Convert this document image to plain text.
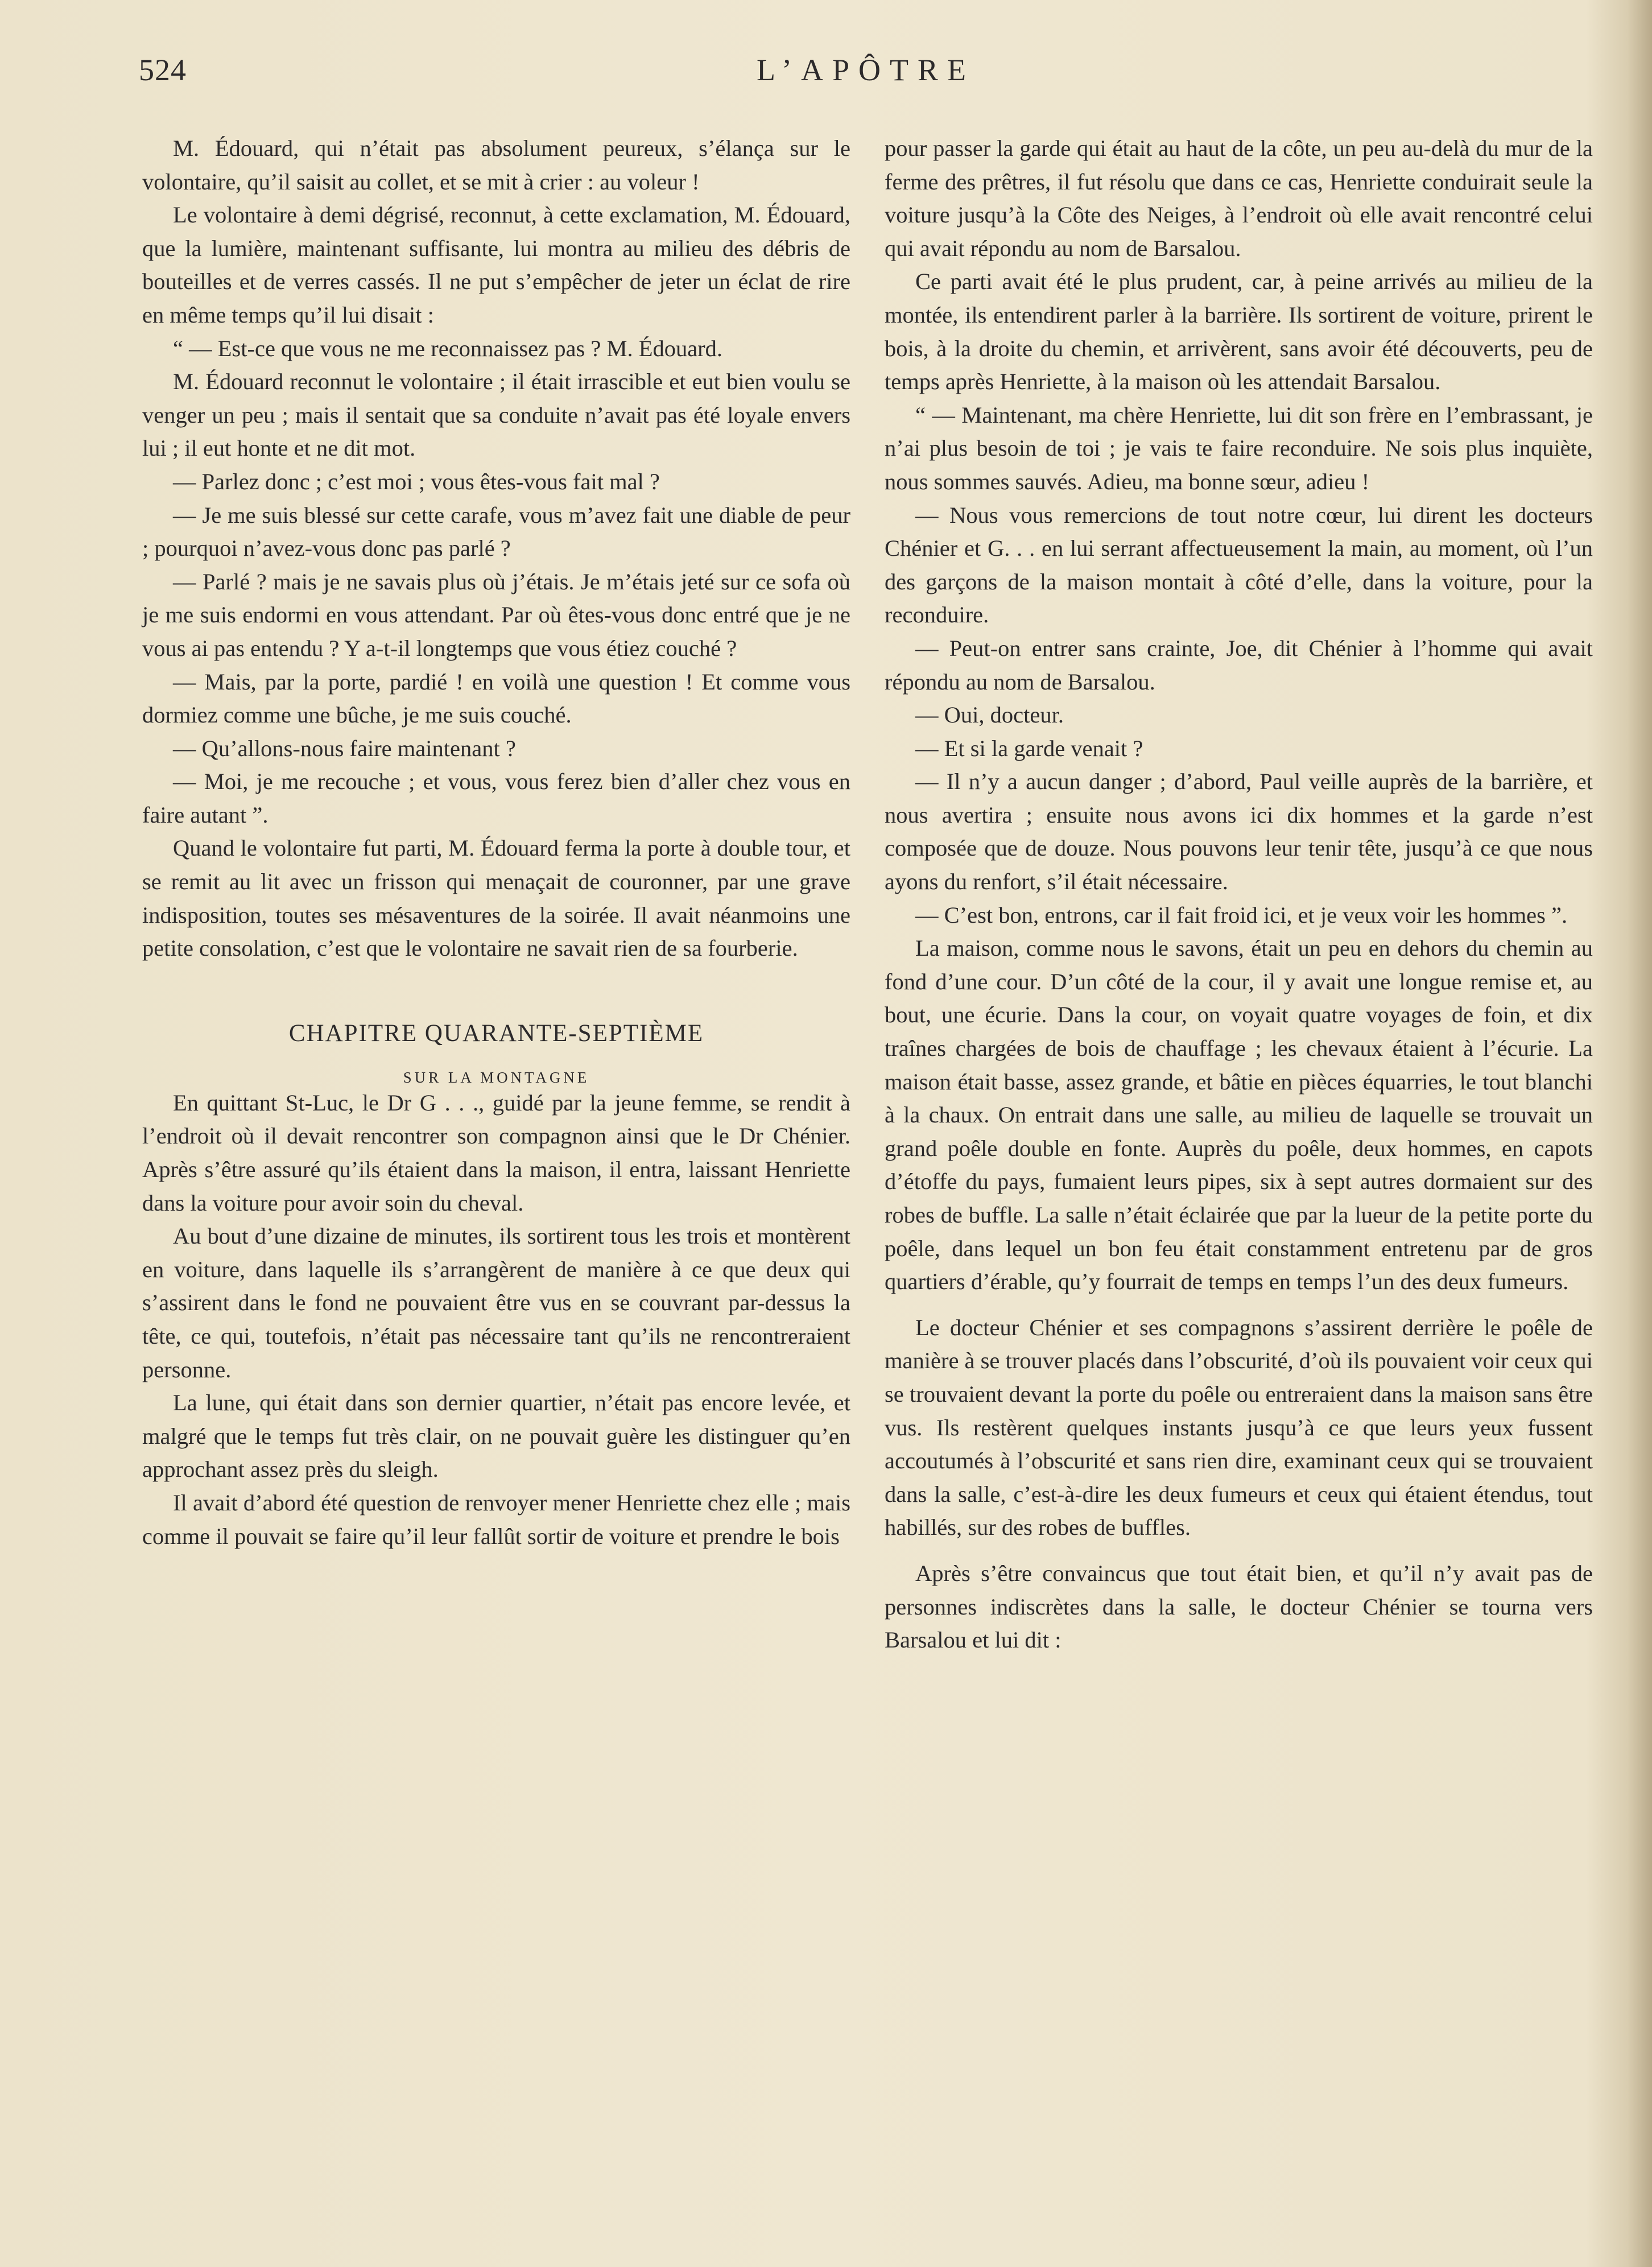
524	L’APÔTRE

M. Édouard, qui n’était pas absolument peureux, s’élança sur le volontaire, qu’il saisit au collet, et se mit à crier : au voleur !

Le volontaire à demi dégrisé, reconnut, à cette exclamation, M. Édouard, que la lumière, maintenant suffisante, lui montra au milieu des débris de bouteilles et de verres cassés. Il ne put s’empêcher de jeter un éclat de rire en même temps qu’il lui disait :

“ — Est-ce que vous ne me reconnaissez pas ? M. Édouard.

M. Édouard reconnut le volontaire ; il était irrascible et eut bien voulu se venger un peu ; mais il sentait que sa conduite n’avait pas été loyale envers lui ; il eut honte et ne dit mot.

— Parlez donc ; c’est moi ; vous êtes-vous fait mal ?

— Je me suis blessé sur cette carafe, vous m’avez fait une diable de peur ; pourquoi n’avez-vous donc pas parlé ?

— Parlé ? mais je ne savais plus où j’étais. Je m’étais jeté sur ce sofa où je me suis endormi en vous attendant. Par où êtes-vous donc entré que je ne vous ai pas entendu ? Y a-t-il longtemps que vous étiez couché ?

— Mais, par la porte, pardié ! en voilà une question ! Et comme vous dormiez comme une bûche, je me suis couché.

— Qu’allons-nous faire maintenant ?

— Moi, je me recouche ; et vous, vous ferez bien d’aller chez vous en faire autant ”.

Quand le volontaire fut parti, M. Édouard ferma la porte à double tour, et se remit au lit avec un frisson qui menaçait de couronner, par une grave indisposition, toutes ses mésaventures de la soirée. Il avait néanmoins une petite consolation, c’est que le volontaire ne savait rien de sa fourberie.

CHAPITRE QUARANTE-SEPTIÈME
SUR LA MONTAGNE

En quittant St-Luc, le Dr G . . ., guidé par la jeune femme, se rendit à l’endroit où il devait rencontrer son compagnon ainsi que le Dr Chénier. Après s’être assuré qu’ils étaient dans la maison, il entra, laissant Henriette dans la voiture pour avoir soin du cheval.

Au bout d’une dizaine de minutes, ils sortirent tous les trois et montèrent en voiture, dans laquelle ils s’arrangèrent de manière à ce que deux qui s’assirent dans le fond ne pouvaient être vus en se couvrant par-dessus la tête, ce qui, toutefois, n’était pas nécessaire tant qu’ils ne rencontreraient personne.

La lune, qui était dans son dernier quartier, n’était pas encore levée, et malgré que le temps fut très clair, on ne pouvait guère les distinguer qu’en approchant assez près du sleigh.

Il avait d’abord été question de renvoyer mener Henriette chez elle ; mais comme il pouvait se faire qu’il leur fallût sortir de voiture et prendre le bois

pour passer la garde qui était au haut de la côte, un peu au-delà du mur de la ferme des prêtres, il fut résolu que dans ce cas, Henriette conduirait seule la voiture jusqu’à la Côte des Neiges, à l’endroit où elle avait rencontré celui qui avait répondu au nom de Barsalou.

Ce parti avait été le plus prudent, car, à peine arrivés au milieu de la montée, ils entendirent parler à la barrière. Ils sortirent de voiture, prirent le bois, à la droite du chemin, et arrivèrent, sans avoir été découverts, peu de temps après Henriette, à la maison où les attendait Barsalou.

“ — Maintenant, ma chère Henriette, lui dit son frère en l’embrassant, je n’ai plus besoin de toi ; je vais te faire reconduire. Ne sois plus inquiète, nous sommes sauvés. Adieu, ma bonne sœur, adieu !

— Nous vous remercions de tout notre cœur, lui dirent les docteurs Chénier et G. . . en lui serrant affectueusement la main, au moment, où l’un des garçons de la maison montait à côté d’elle, dans la voiture, pour la reconduire.

— Peut-on entrer sans crainte, Joe, dit Chénier à l’homme qui avait répondu au nom de Barsalou.

— Oui, docteur.

— Et si la garde venait ?

— Il n’y a aucun danger ; d’abord, Paul veille auprès de la barrière, et nous avertira ; ensuite nous avons ici dix hommes et la garde n’est composée que de douze. Nous pouvons leur tenir tête, jusqu’à ce que nous ayons du renfort, s’il était nécessaire.

— C’est bon, entrons, car il fait froid ici, et je veux voir les hommes ”.

La maison, comme nous le savons, était un peu en dehors du chemin au fond d’une cour. D’un côté de la cour, il y avait une longue remise et, au bout, une écurie. Dans la cour, on voyait quatre voyages de foin, et dix traînes chargées de bois de chauffage ; les chevaux étaient à l’écurie. La maison était basse, assez grande, et bâtie en pièces équarries, le tout blanchi à la chaux. On entrait dans une salle, au milieu de laquelle se trouvait un grand poêle double en fonte. Auprès du poêle, deux hommes, en capots d’étoffe du pays, fumaient leurs pipes, six à sept autres dormaient sur des robes de buffle. La salle n’était éclairée que par la lueur de la petite porte du poêle, dans lequel un bon feu était constamment entretenu par de gros quartiers d’érable, qu’y fourrait de temps en temps l’un des deux fumeurs.

Le docteur Chénier et ses compagnons s’assirent derrière le poêle de manière à se trouver placés dans l’obscurité, d’où ils pouvaient voir ceux qui se trouvaient devant la porte du poêle ou entreraient dans la maison sans être vus. Ils restèrent quelques instants jusqu’à ce que leurs yeux fussent accoutumés à l’obscurité et sans rien dire, examinant ceux qui se trouvaient dans la salle, c’est-à-dire les deux fumeurs et ceux qui étaient étendus, tout habillés, sur des robes de buffles.

Après s’être convaincus que tout était bien, et qu’il n’y avait pas de personnes indiscrètes dans la salle, le docteur Chénier se tourna vers Barsalou et lui dit :
